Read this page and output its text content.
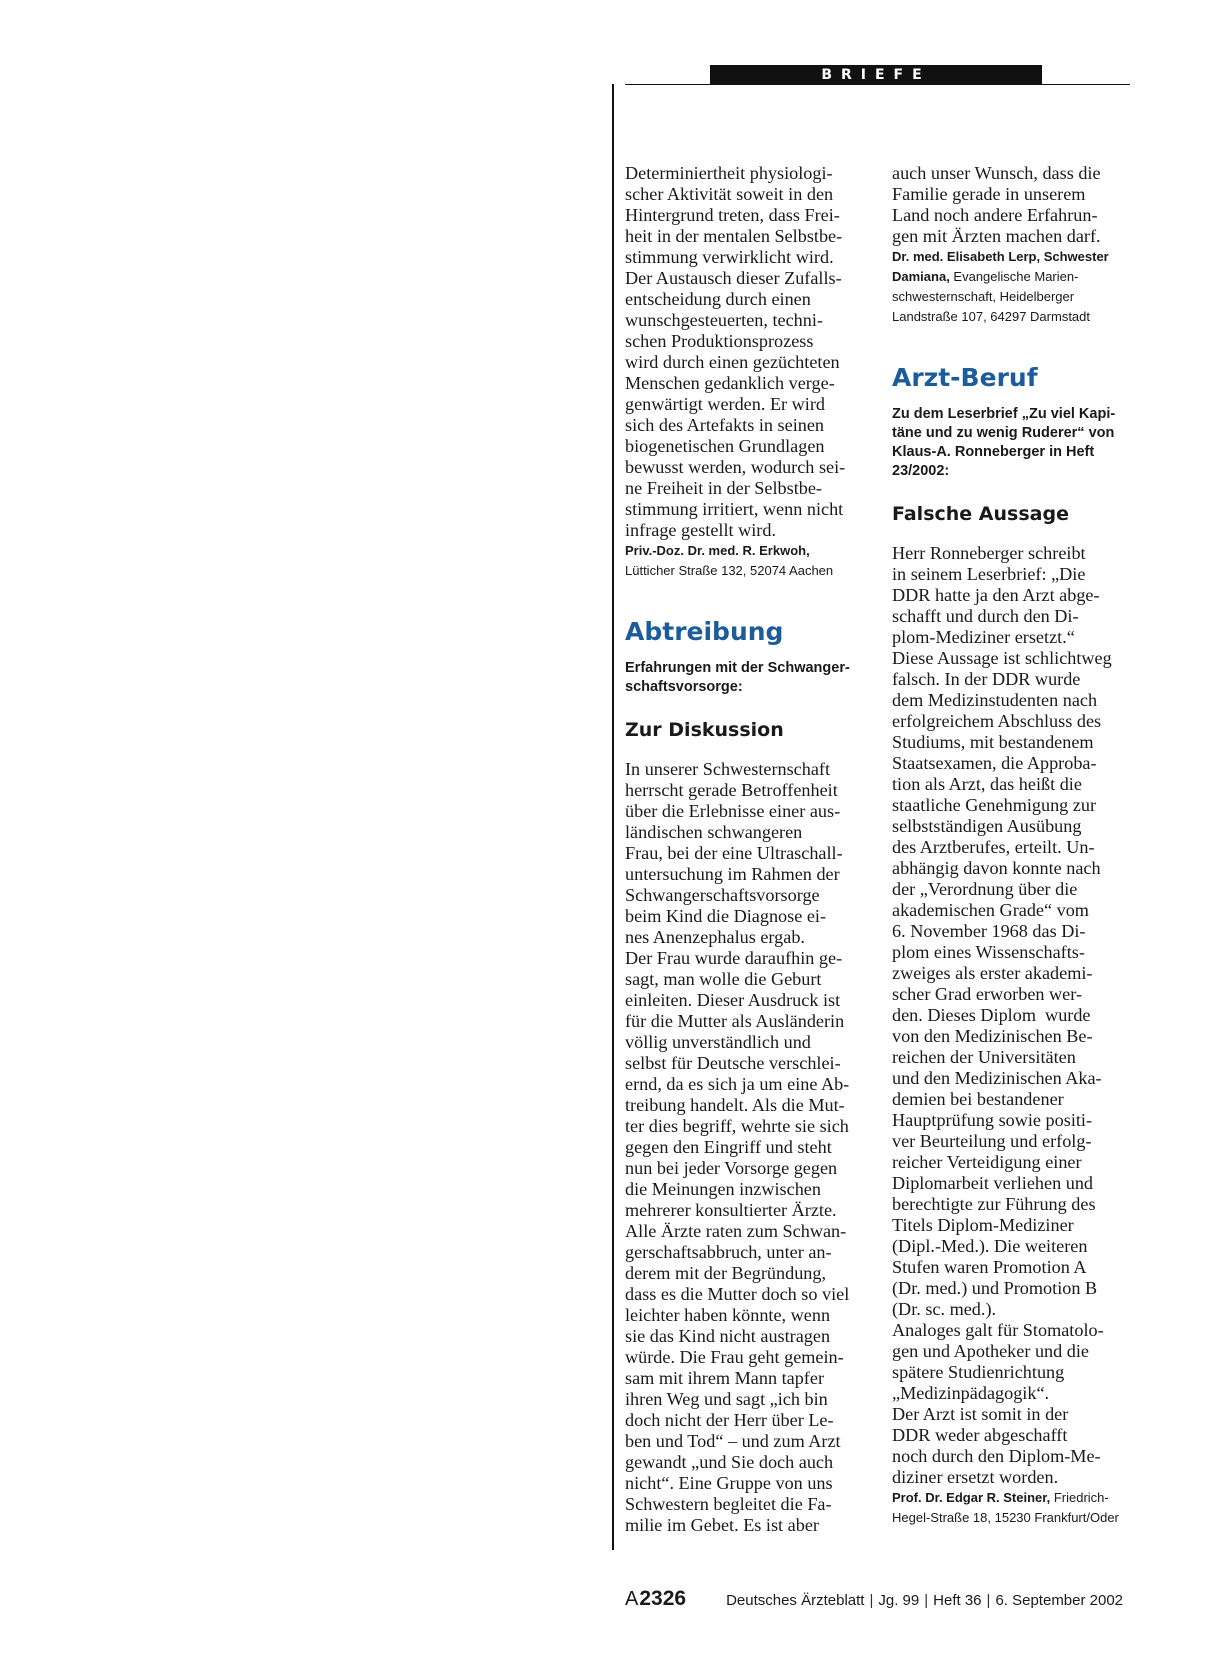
BRIEFE
Determiniertheit physiologi-
scher Aktivität soweit in den
Hintergrund treten, dass Frei-
heit in der mentalen Selbstbe-
stimmung verwirklicht wird.
Der Austausch dieser Zufalls-
entscheidung durch einen
wunschgesteuerten, techni-
schen Produktionsprozess
wird durch einen gezüchteten
Menschen gedanklich verge-
genwärtigt werden. Er wird
sich des Artefakts in seinen
biogenetischen Grundlagen
bewusst werden, wodurch sei-
ne Freiheit in der Selbstbe-
stimmung irritiert, wenn nicht
infrage gestellt wird.
Priv.-Doz. Dr. med. R. Erkwoh,
Lütticher Straße 132, 52074 Aachen
Abtreibung
Erfahrungen mit der Schwanger-
schaftsvorsorge:
Zur Diskussion
In unserer Schwesternschaft
herrscht gerade Betroffenheit
über die Erlebnisse einer aus-
ländischen schwangeren
Frau, bei der eine Ultraschall-
untersuchung im Rahmen der
Schwangerschaftsvorsorge
beim Kind die Diagnose ei-
nes Anenzephalus ergab.
Der Frau wurde daraufhin ge-
sagt, man wolle die Geburt
einleiten. Dieser Ausdruck ist
für die Mutter als Ausländerin
völlig unverständlich und
selbst für Deutsche verschlei-
ernd, da es sich ja um eine Ab-
treibung handelt. Als die Mut-
ter dies begriff, wehrte sie sich
gegen den Eingriff und steht
nun bei jeder Vorsorge gegen
die Meinungen inzwischen
mehrerer konsultierter Ärzte.
Alle Ärzte raten zum Schwan-
gerschaftsabbruch, unter an-
derem mit der Begründung,
dass es die Mutter doch so viel
leichter haben könnte, wenn
sie das Kind nicht austragen
würde. Die Frau geht gemein-
sam mit ihrem Mann tapfer
ihren Weg und sagt „ich bin
doch nicht der Herr über Le-
ben und Tod“ – und zum Arzt
gewandt „und Sie doch auch
nicht“. Eine Gruppe von uns
Schwestern begleitet die Fa-
milie im Gebet. Es ist aber
auch unser Wunsch, dass die
Familie gerade in unserem
Land noch andere Erfahrun-
gen mit Ärzten machen darf.
Dr. med. Elisabeth Lerp, Schwester
Damiana, Evangelische Marien-
schwesternschaft, Heidelberger
Landstraße 107, 64297 Darmstadt
Arzt-Beruf
Zu dem Leserbrief „Zu viel Kapi-
täne und zu wenig Ruderer“ von
Klaus-A. Ronneberger in Heft
23/2002:
Falsche Aussage
Herr Ronneberger schreibt
in seinem Leserbrief: „Die
DDR hatte ja den Arzt abge-
schafft und durch den Di-
plom-Mediziner ersetzt.“
Diese Aussage ist schlichtweg
falsch. In der DDR wurde
dem Medizinstudenten nach
erfolgreichem Abschluss des
Studiums, mit bestandenem
Staatsexamen, die Approba-
tion als Arzt, das heißt die
staatliche Genehmigung zur
selbstständigen Ausübung
des Arztberufes, erteilt. Un-
abhängig davon konnte nach
der „Verordnung über die
akademischen Grade“ vom
6. November 1968 das Di-
plom eines Wissenschafts-
zweiges als erster akademi-
scher Grad erworben wer-
den. Dieses Diplom  wurde
von den Medizinischen Be-
reichen der Universitäten
und den Medizinischen Aka-
demien bei bestandener
Hauptprüfung sowie positi-
ver Beurteilung und erfolg-
reicher Verteidigung einer
Diplomarbeit verliehen und
berechtigte zur Führung des
Titels Diplom-Mediziner
(Dipl.-Med.). Die weiteren
Stufen waren Promotion A
(Dr. med.) und Promotion B
(Dr. sc. med.).
Analoges galt für Stomatolo-
gen und Apotheker und die
spätere Studienrichtung
„Medizinpädagogik“.
Der Arzt ist somit in der
DDR weder abgeschafft
noch durch den Diplom-Me-
diziner ersetzt worden.
Prof. Dr. Edgar R. Steiner, Friedrich-
Hegel-Straße 18, 15230 Frankfurt/Oder
A2326	Deutsches Ärzteblatt | Jg. 99 | Heft 36 | 6. September 2002
